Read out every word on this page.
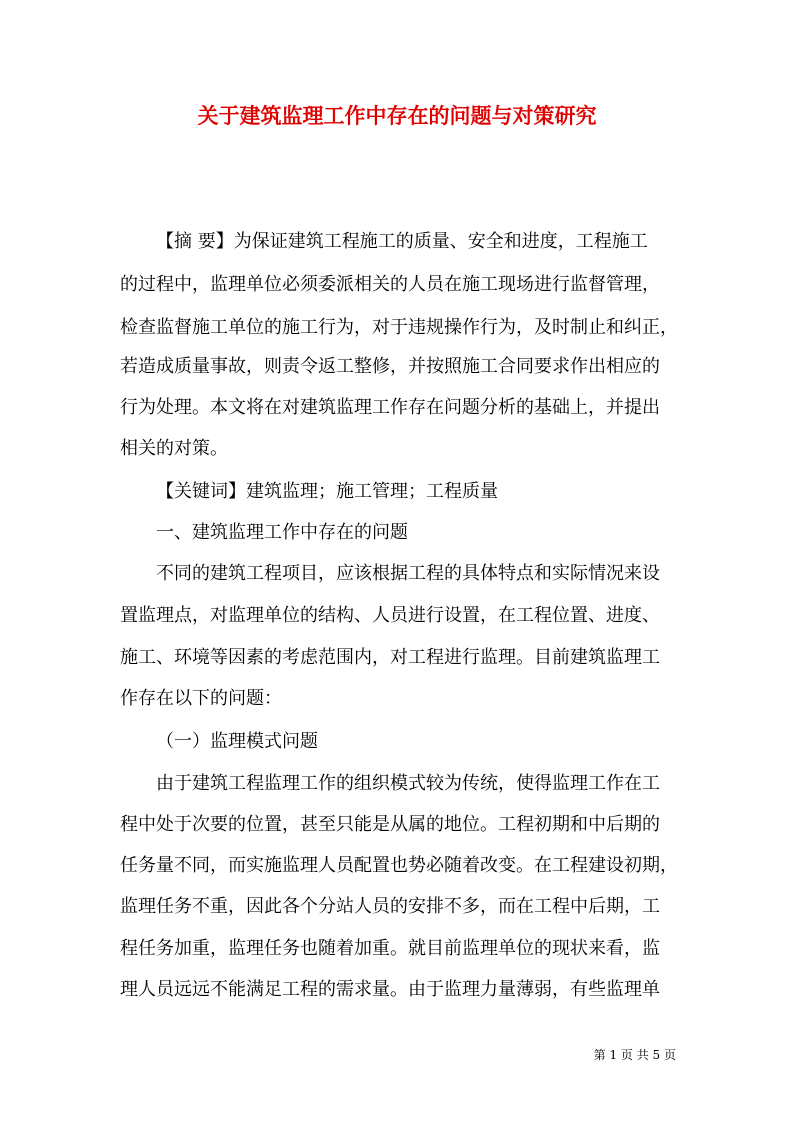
关于建筑监理工作中存在的问题与对策研究
【摘 要】为保证建筑工程施工的质量、安全和进度，工程施工
的过程中，监理单位必须委派相关的人员在施工现场进行监督管理，
检查监督施工单位的施工行为，对于违规操作行为，及时制止和纠正，
若造成质量事故，则责令返工整修，并按照施工合同要求作出相应的
行为处理。本文将在对建筑监理工作存在问题分析的基础上，并提出
相关的对策。
【关键词】建筑监理；施工管理；工程质量
一、建筑监理工作中存在的问题
不同的建筑工程项目，应该根据工程的具体特点和实际情况来设
置监理点，对监理单位的结构、人员进行设置，在工程位置、进度、
施工、环境等因素的考虑范围内，对工程进行监理。目前建筑监理工
作存在以下的问题：
（一）监理模式问题
由于建筑工程监理工作的组织模式较为传统，使得监理工作在工
程中处于次要的位置，甚至只能是从属的地位。工程初期和中后期的
任务量不同，而实施监理人员配置也势必随着改变。在工程建设初期，
监理任务不重，因此各个分站人员的安排不多，而在工程中后期，工
程任务加重，监理任务也随着加重。就目前监理单位的现状来看，监
理人员远远不能满足工程的需求量。由于监理力量薄弱，有些监理单
第 1 页 共 5 页
